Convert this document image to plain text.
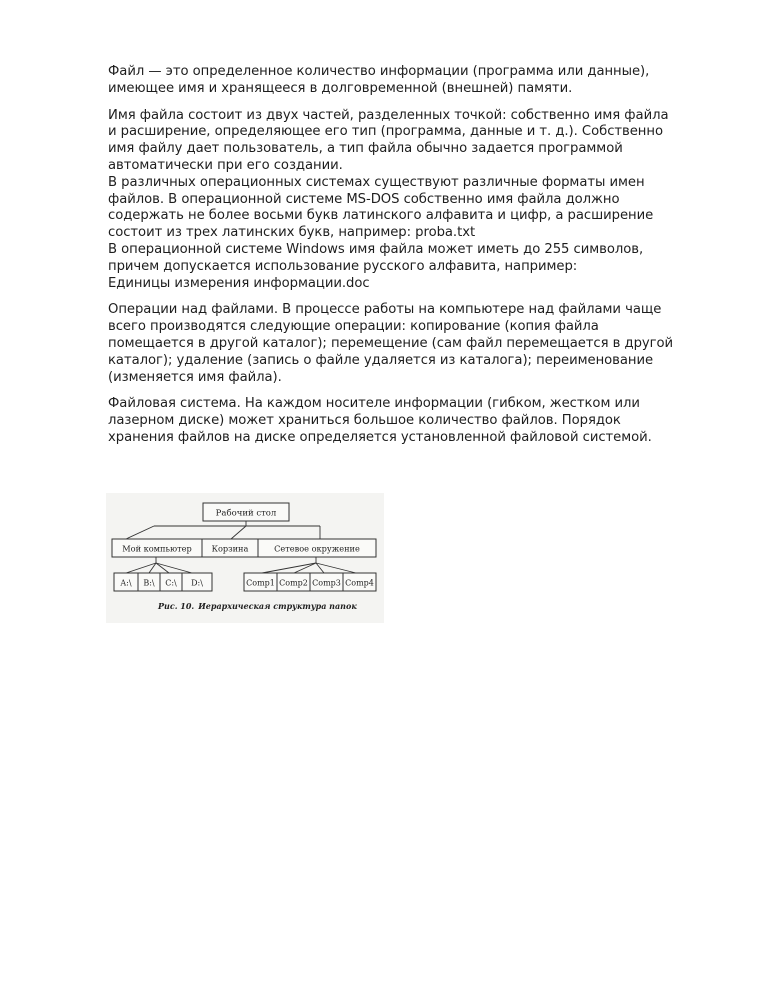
Файл — это определенное количество информации (программа или данные),
имеющее имя и хранящееся в долговременной (внешней) памяти.

Имя файла состоит из двух частей, разделенных точкой: собственно имя файла
и расширение, определяющее его тип (программа, данные и т. д.). Собственно
имя файлу дает пользователь, а тип файла обычно задается программой
автоматически при его создании.
В различных операционных системах существуют различные форматы имен
файлов. В операционной системе MS-DOS собственно имя файла должно
содержать не более восьми букв латинского алфавита и цифр, а расширение
состоит из трех латинских букв, например: proba.txt
В операционной системе Windows имя файла может иметь до 255 символов,
причем допускается использование русского алфавита, например:
Единицы измерения информации.doc

Операции над файлами. В процессе работы на компьютере над файлами чаще
всего производятся следующие операции: копирование (копия файла
помещается в другой каталог); перемещение (сам файл перемещается в другой
каталог); удаление (запись о файле удаляется из каталога); переименование
(изменяется имя файла).

Файловая система. На каждом носителе информации (гибком, жестком или
лазерном диске) может храниться большое количество файлов. Порядок
хранения файлов на диске определяется установленной файловой системой.

Рабочий стол
Мой компьютер Корзина	Сетевое окружение
A:\ B:\ C:\ D:\	Comp1 Comp2 Comp3 Comp4
Рис. 10. Иерархическая структура папок
